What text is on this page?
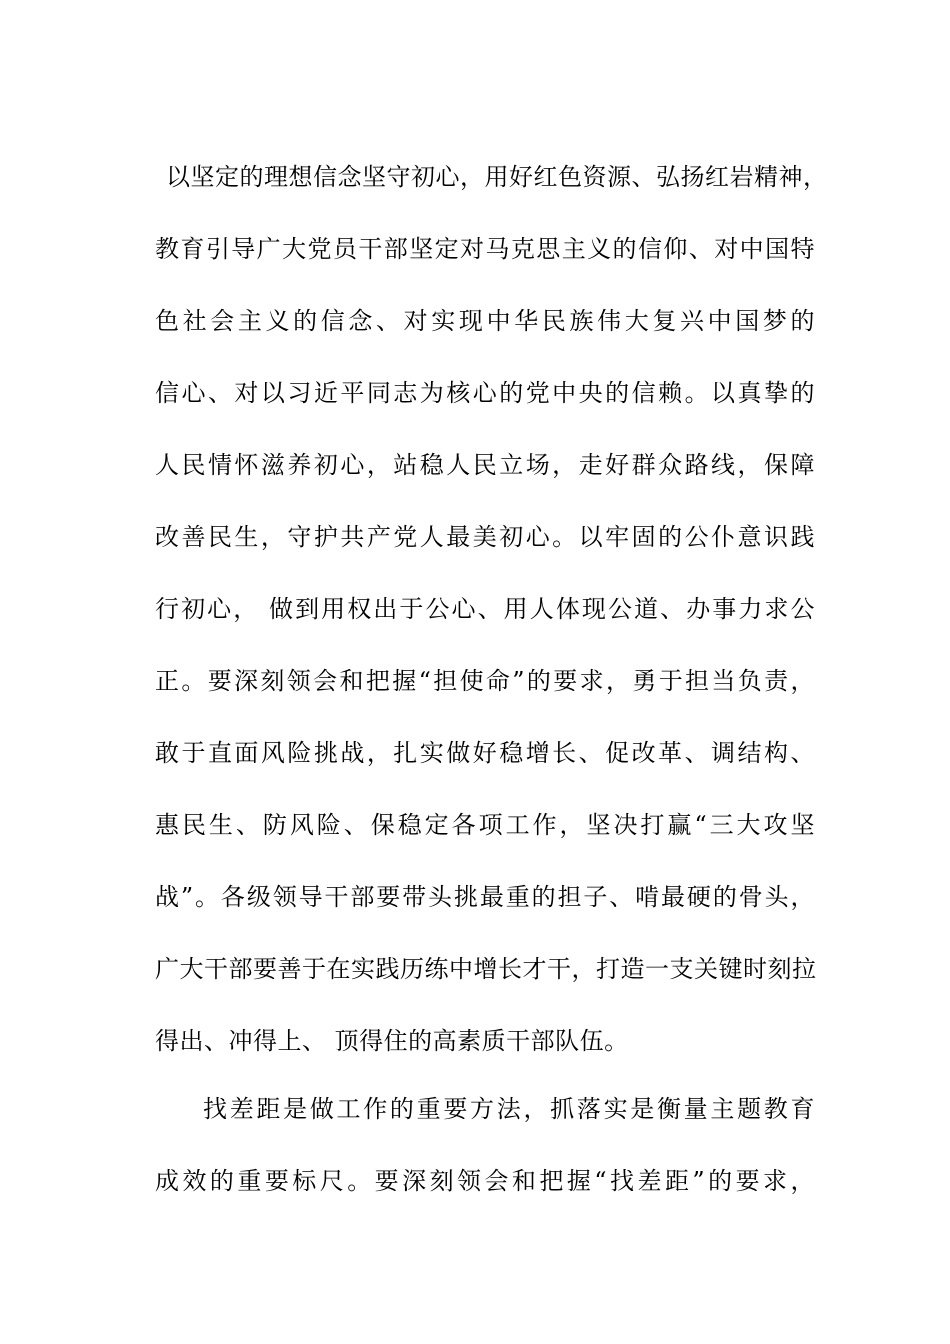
以坚定的理想信念坚守初心，用好红色资源、弘扬红岩精神，
教育引导广大党员干部坚定对马克思主义的信仰、对中国特
色社会主义的信念、对实现中华民族伟大复兴中国梦的
信心、对以习近平同志为核心的党中央的信赖。以真挚的
人民情怀滋养初心，站稳人民立场，走好群众路线，保障
改善民生，守护共产党人最美初心。以牢固的公仆意识践
行初心， 做到用权出于公心、用人体现公道、办事力求公
正。要深刻领会和把握“担使命”的要求，勇于担当负责，
敢于直面风险挑战，扎实做好稳增长、促改革、调结构、
惠民生、防风险、保稳定各项工作，坚决打赢“三大攻坚
战”。各级领导干部要带头挑最重的担子、啃最硬的骨头，
广大干部要善于在实践历练中增长才干，打造一支关键时刻拉
得出、冲得上、 顶得住的高素质干部队伍。
找差距是做工作的重要方法，抓落实是衡量主题教育
成效的重要标尺。要深刻领会和把握“找差距”的要求，
